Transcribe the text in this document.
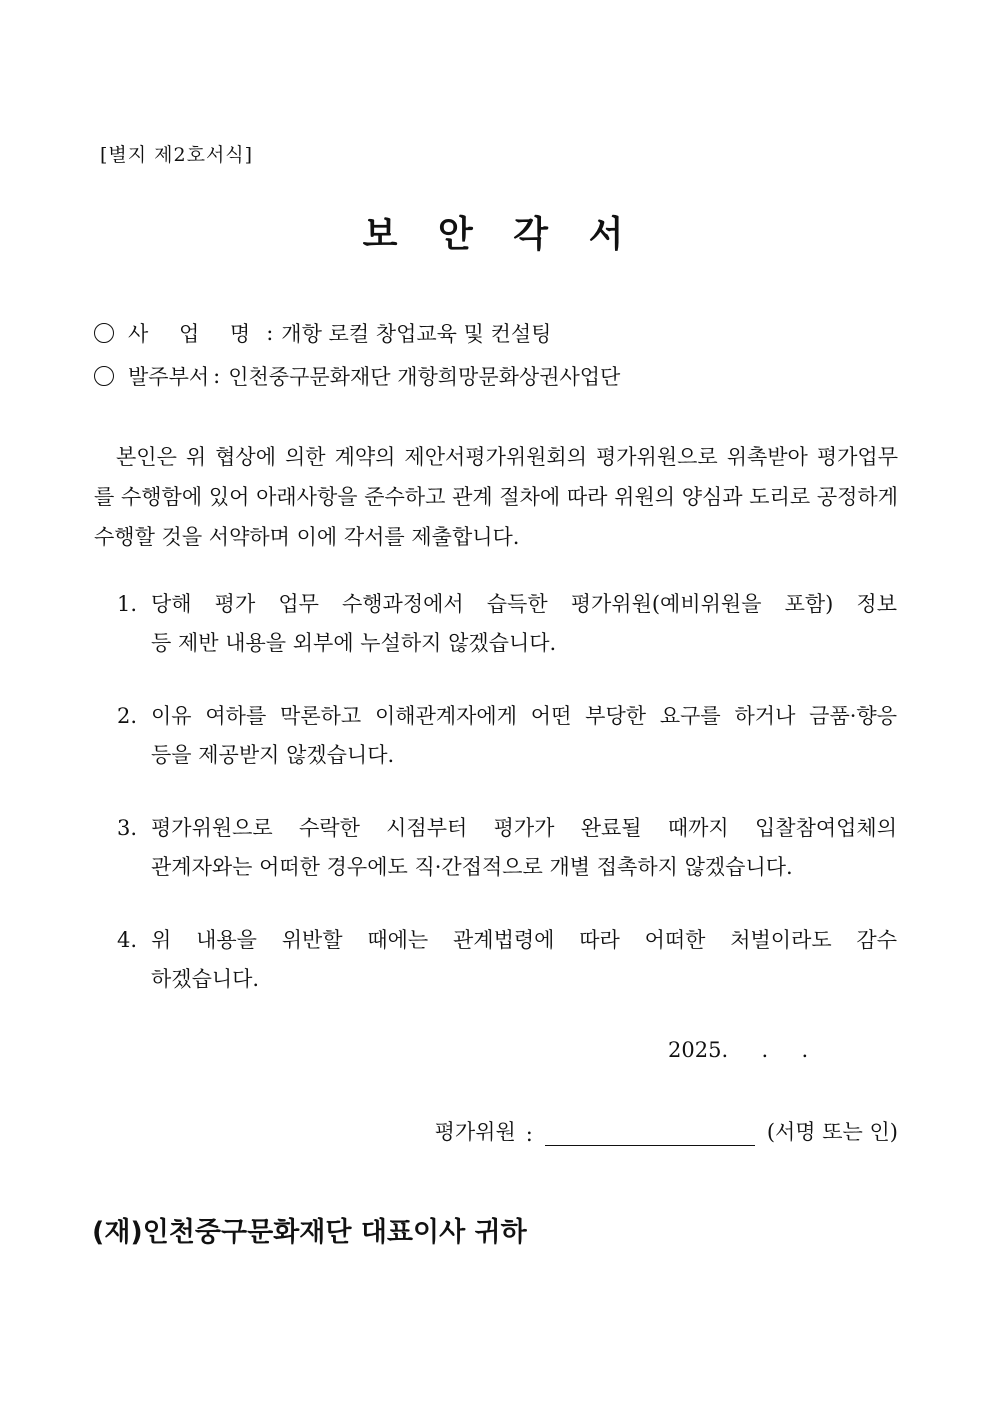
[별지 제2호서식]
보 안 각 서
사 업 명 : 개항 로컬 창업교육 및 컨설팅
발주부서 : 인천중구문화재단 개항희망문화상권사업단
본인은 위 협상에 의한 계약의 제안서평가위원회의 평가위원으로 위촉받아 평가업무를 수행함에 있어 아래사항을 준수하고 관계 절차에 따라 위원의 양심과 도리로 공정하게 수행할 것을 서약하며 이에 각서를 제출합니다.
1. 당해 평가 업무 수행과정에서 습득한 평가위원(예비위원을 포함) 정보
등 제반 내용을 외부에 누설하지 않겠습니다.
2. 이유 여하를 막론하고 이해관계자에게 어떤 부당한 요구를 하거나 금품·향응
등을 제공받지 않겠습니다.
3. 평가위원으로 수락한 시점부터 평가가 완료될 때까지 입찰참여업체의
관계자와는 어떠한 경우에도 직·간접적으로 개별 접촉하지 않겠습니다.
4. 위 내용을 위반할 때에는 관계법령에 따라 어떠한 처벌이라도 감수
하겠습니다.
2025.     .     .
평가위원 :	(서명 또는 인)
(재)인천중구문화재단 대표이사 귀하
